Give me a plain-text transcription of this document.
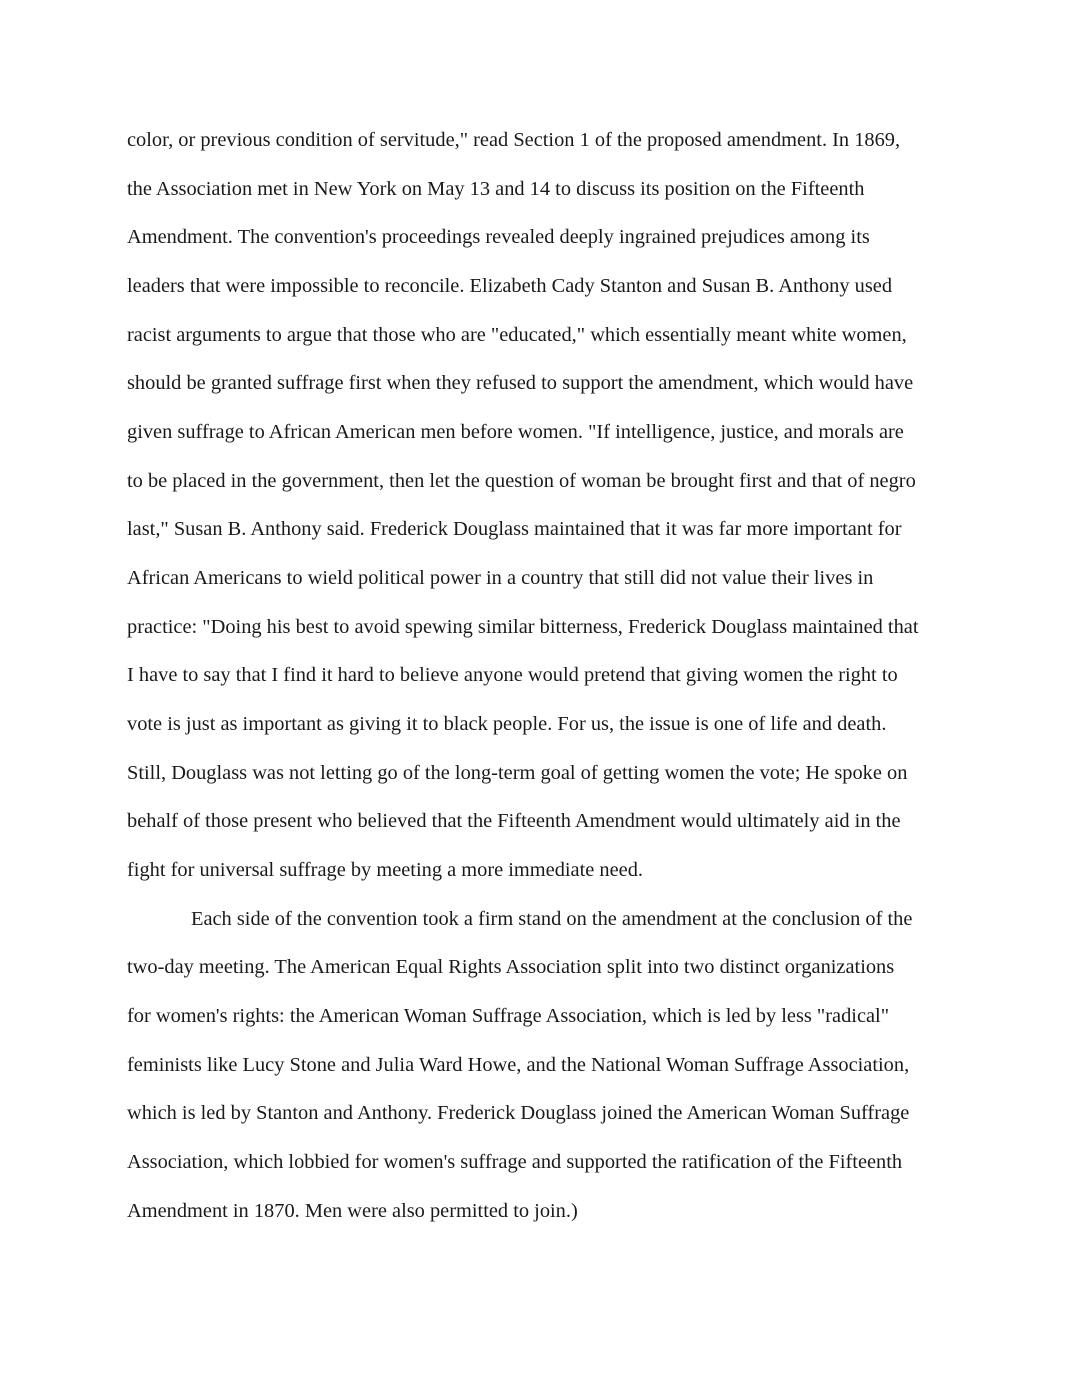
color, or previous condition of servitude," read Section 1 of the proposed amendment. In 1869,
the Association met in New York on May 13 and 14 to discuss its position on the Fifteenth
Amendment. The convention's proceedings revealed deeply ingrained prejudices among its
leaders that were impossible to reconcile. Elizabeth Cady Stanton and Susan B. Anthony used
racist arguments to argue that those who are "educated," which essentially meant white women,
should be granted suffrage first when they refused to support the amendment, which would have
given suffrage to African American men before women. "If intelligence, justice, and morals are
to be placed in the government, then let the question of woman be brought first and that of negro
last," Susan B. Anthony said. Frederick Douglass maintained that it was far more important for
African Americans to wield political power in a country that still did not value their lives in
practice: "Doing his best to avoid spewing similar bitterness, Frederick Douglass maintained that
I have to say that I find it hard to believe anyone would pretend that giving women the right to
vote is just as important as giving it to black people. For us, the issue is one of life and death.
Still, Douglass was not letting go of the long-term goal of getting women the vote; He spoke on
behalf of those present who believed that the Fifteenth Amendment would ultimately aid in the
fight for universal suffrage by meeting a more immediate need.
Each side of the convention took a firm stand on the amendment at the conclusion of the
two-day meeting. The American Equal Rights Association split into two distinct organizations
for women's rights: the American Woman Suffrage Association, which is led by less "radical"
feminists like Lucy Stone and Julia Ward Howe, and the National Woman Suffrage Association,
which is led by Stanton and Anthony. Frederick Douglass joined the American Woman Suffrage
Association, which lobbied for women's suffrage and supported the ratification of the Fifteenth
Amendment in 1870. Men were also permitted to join.)
